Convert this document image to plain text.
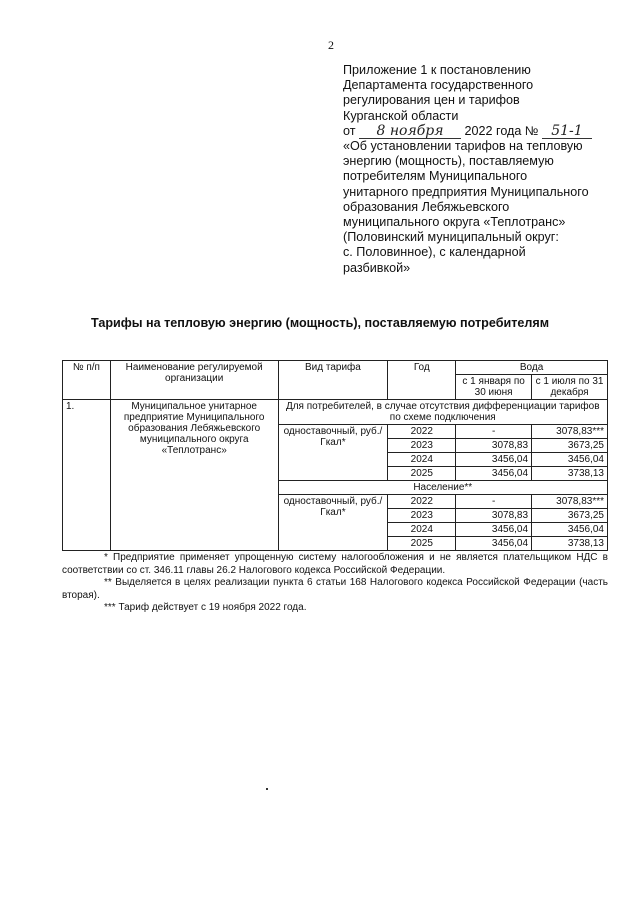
2
Приложение 1 к постановлению
Департамента государственного
регулирования цен и тарифов
Курганской области
от 8 ноября 2022 года № 51-1
«Об установлении тарифов на тепловую
энергию (мощность), поставляемую
потребителям Муниципального
унитарного предприятия Муниципального
образования Лебяжьевского
муниципального округа «Теплотранс»
(Половинский муниципальный округ:
с. Половинное), с календарной
разбивкой»
Тарифы на тепловую энергию (мощность), поставляемую потребителям
№ п/п	Наименование регулируемой организации	Вид тарифа	Год	Вода	
				с 1 января по 30 июня	с 1 июля по 31 декабря
1.	Муниципальное унитарное предприятие Муниципального образования Лебяжьевского муниципального округа «Теплотранс»	Для потребителей, в случае отсутствия дифференциации тарифов по схеме подключения			
		одноставочный, руб./Гкал*	2022	-	3078,83***
			2023	3078,83	3673,25
			2024	3456,04	3456,04
			2025	3456,04	3738,13
		Население**			
		одноставочный, руб./Гкал*	2022	-	3078,83***
			2023	3078,83	3673,25
			2024	3456,04	3456,04
			2025	3456,04	3738,13

* Предприятие применяет упрощенную систему налогообложения и не является плательщиком НДС в соответствии со ст. 346.11 главы 26.2 Налогового кодекса Российской Федерации.

** Выделяется в целях реализации пункта 6 статьи 168 Налогового кодекса Российской Федерации (часть вторая).

*** Тариф действует с 19 ноября 2022 года.
